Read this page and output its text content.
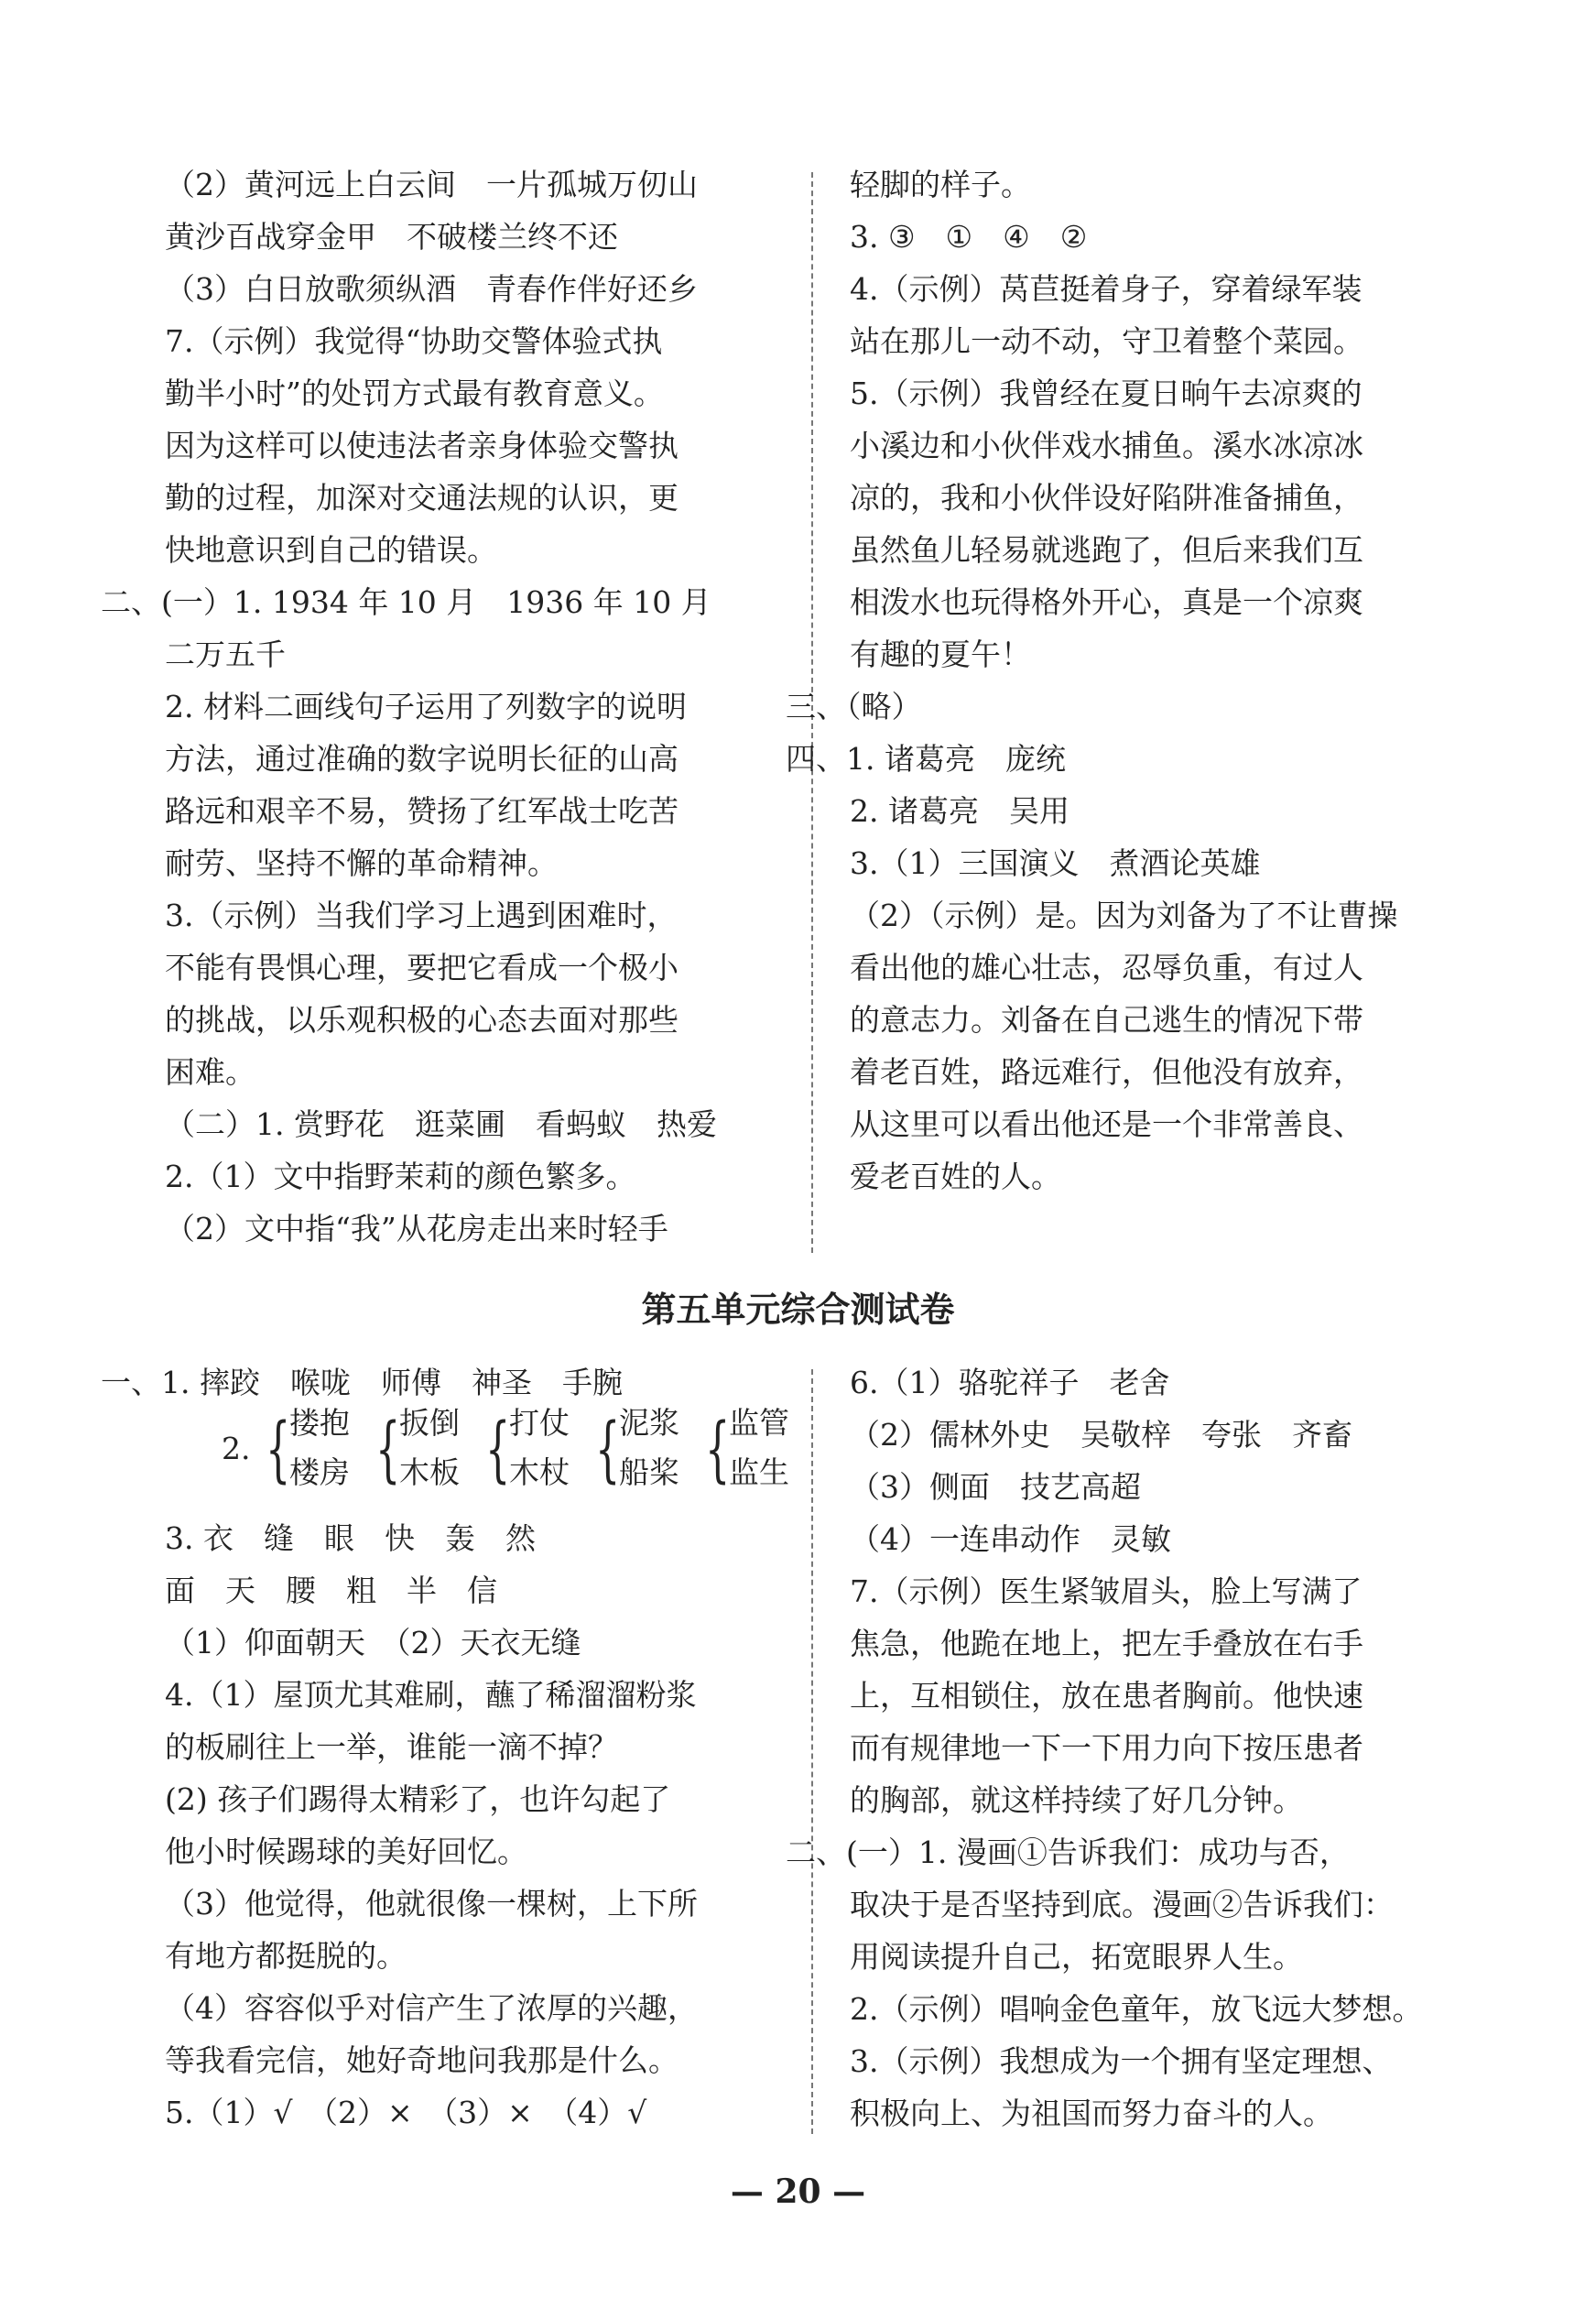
（2）黄河远上白云间　一片孤城万仞山
黄沙百战穿金甲　不破楼兰终不还
（3）白日放歌须纵酒　青春作伴好还乡
7.（示例）我觉得“协助交警体验式执
勤半小时”的处罚方式最有教育意义。
因为这样可以使违法者亲身体验交警执
勤的过程，加深对交通法规的认识，更
快地意识到自己的错误。
二、(一）1. 1934 年 10 月　1936 年 10 月
二万五千
2. 材料二画线句子运用了列数字的说明
方法，通过准确的数字说明长征的山高
路远和艰辛不易，赞扬了红军战士吃苦
耐劳、坚持不懈的革命精神。
3.（示例）当我们学习上遇到困难时，
不能有畏惧心理，要把它看成一个极小
的挑战，以乐观积极的心态去面对那些
困难。
（二）1. 赏野花　逛菜圃　看蚂蚁　热爱
2.（1）文中指野茉莉的颜色繁多。
（2）文中指“我”从花房走出来时轻手
轻脚的样子。
3. ③　①　④　②
4.（示例）莴苣挺着身子，穿着绿军装
站在那儿一动不动，守卫着整个菜园。
5.（示例）我曾经在夏日晌午去凉爽的
小溪边和小伙伴戏水捕鱼。溪水冰凉冰
凉的，我和小伙伴设好陷阱准备捕鱼，
虽然鱼儿轻易就逃跑了，但后来我们互
相泼水也玩得格外开心，真是一个凉爽
有趣的夏午！
三、（略）
四、1. 诸葛亮　庞统
2. 诸葛亮　吴用
3.（1）三国演义　煮酒论英雄
（2）（示例）是。因为刘备为了不让曹操
看出他的雄心壮志，忍辱负重，有过人
的意志力。刘备在自己逃生的情况下带
着老百姓，路远难行，但他没有放弃，
从这里可以看出他还是一个非常善良、
爱老百姓的人。
第五单元综合测试卷
一、1. 摔跤　喉咙　师傅　神圣　手腕
2. {
搂抱
楼房 {
扳倒
木板 {
打仗
木杖 {
泥浆
船桨 {
监管
监生
3. 衣　缝　眼　快　轰　然
面　天　腰　粗　半　信
（1）仰面朝天　（2）天衣无缝
4.（1）屋顶尤其难刷，蘸了稀溜溜粉浆
的板刷往上一举，谁能一滴不掉？
(2) 孩子们踢得太精彩了，也许勾起了
他小时候踢球的美好回忆。
（3）他觉得，他就很像一棵树，上下所
有地方都挺脱的。
（4）容容似乎对信产生了浓厚的兴趣，
等我看完信，她好奇地问我那是什么。
5.（1）√　（2）×　（3）×　（4）√
6.（1）骆驼祥子　老舍
（2）儒林外史　吴敬梓　夸张　齐畜
（3）侧面　技艺高超
（4）一连串动作　灵敏
7.（示例）医生紧皱眉头，脸上写满了
焦急，他跪在地上，把左手叠放在右手
上，互相锁住，放在患者胸前。他快速
而有规律地一下一下用力向下按压患者
的胸部，就这样持续了好几分钟。
二、(一）1. 漫画①告诉我们：成功与否，
取决于是否坚持到底。漫画②告诉我们：
用阅读提升自己，拓宽眼界人生。
2.（示例）唱响金色童年，放飞远大梦想。
3.（示例）我想成为一个拥有坚定理想、
积极向上、为祖国而努力奋斗的人。
— 20 —
